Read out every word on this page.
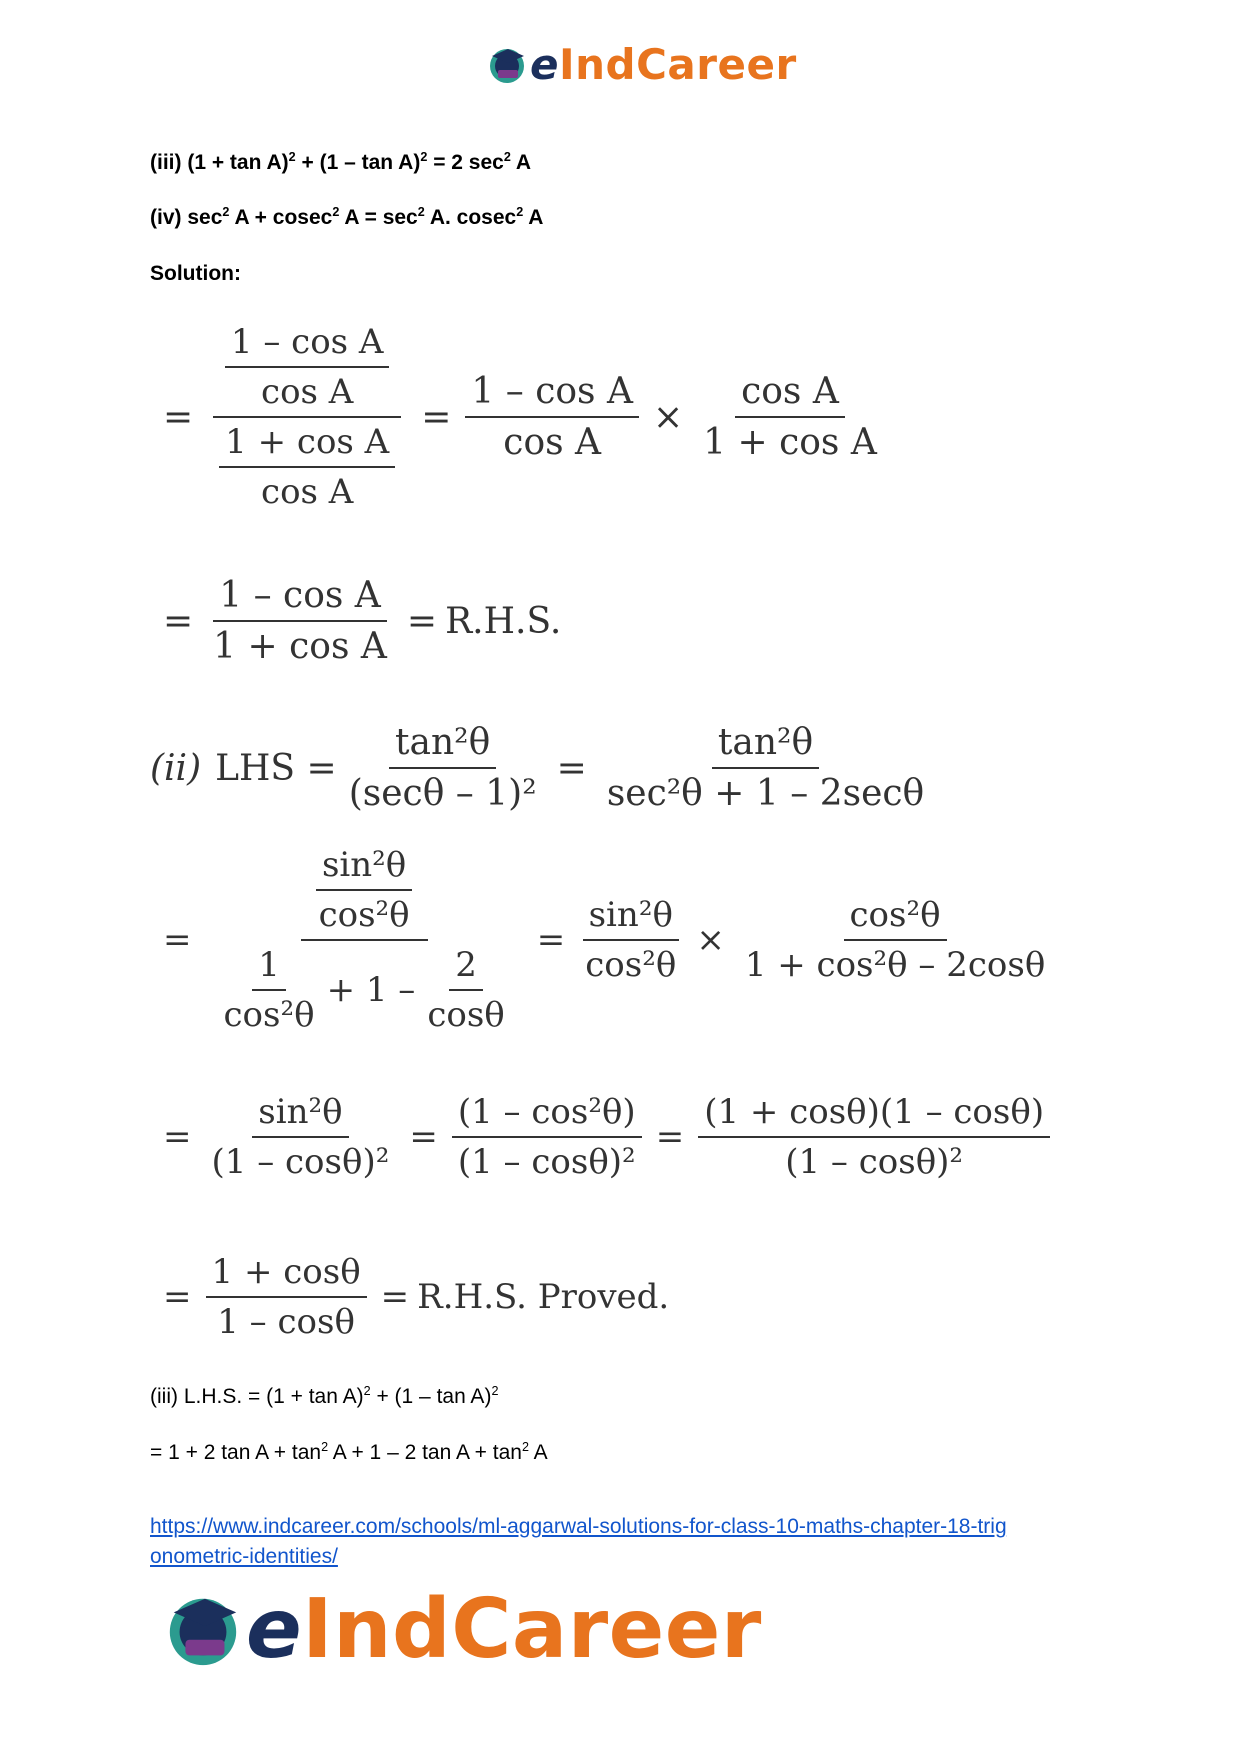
eIndCareer
(iii) $(1 + \tan A)^2 + (1 - \tan A)^2 = 2$ $\sec^2 A$
(iv) $\sec^2 A + cosec^2$ $A = \sec^2 A$. cosec$^2$ A
Solution:
= $\frac{\frac{\text{1 – cos A}}{\text{cos A}}}{\frac{\text{1 + cos A}}{\text{cos A}}} = \frac{\text{1 – cos A}}{\text{cos A}} \times \frac{\text{cos A}}{\text{1 + cos A}}$
= $\frac{\text{1 – cos A}}{\text{1 + cos A}} = R.H.S$.
(ii) LHS = $\frac{\text{tan²θ}}{\text{(secθ – 1)²}} = \frac{\text{tan²θ}}{\text{sec²θ + 1 – 2secθ}}$
= $\frac{\frac{\text{sin²θ}}{\text{cos²θ}}}{\frac{1}{\text{cos²θ}} + 1 - \frac{2}{\cos\theta}} = \frac{\text{sin²θ}}{\text{cos²θ}} \times \frac{\text{cos²θ}}{\text{1 + cos²θ – 2cosθ}}$
= $\frac{\text{sin²θ}}{\text{(1 – cosθ)²}} = \frac{\text{(1 – cos²θ)}}{\text{(1 – cosθ)²}} = \frac{(1 + \cos\theta)(1 - \cos\theta)}{\text{(1 – cosθ)²}}$
= $\frac{1 + \cos\theta}{1 - \cos\theta} = R.H.S$. Proved.
(iii) L.H.S. = $(1 + \tan A)^2 + (1 - \tan A)^2$
= 1 + 2 $\tan A + \tan^2 A + 1 - 2$ $\tan A + \tan^2 A$
https://www.indcareer.com/schools/ml-aggarwal-solutions-for-class-10-maths-chapter-18-trig
onometric-identities/
eIndCareer
